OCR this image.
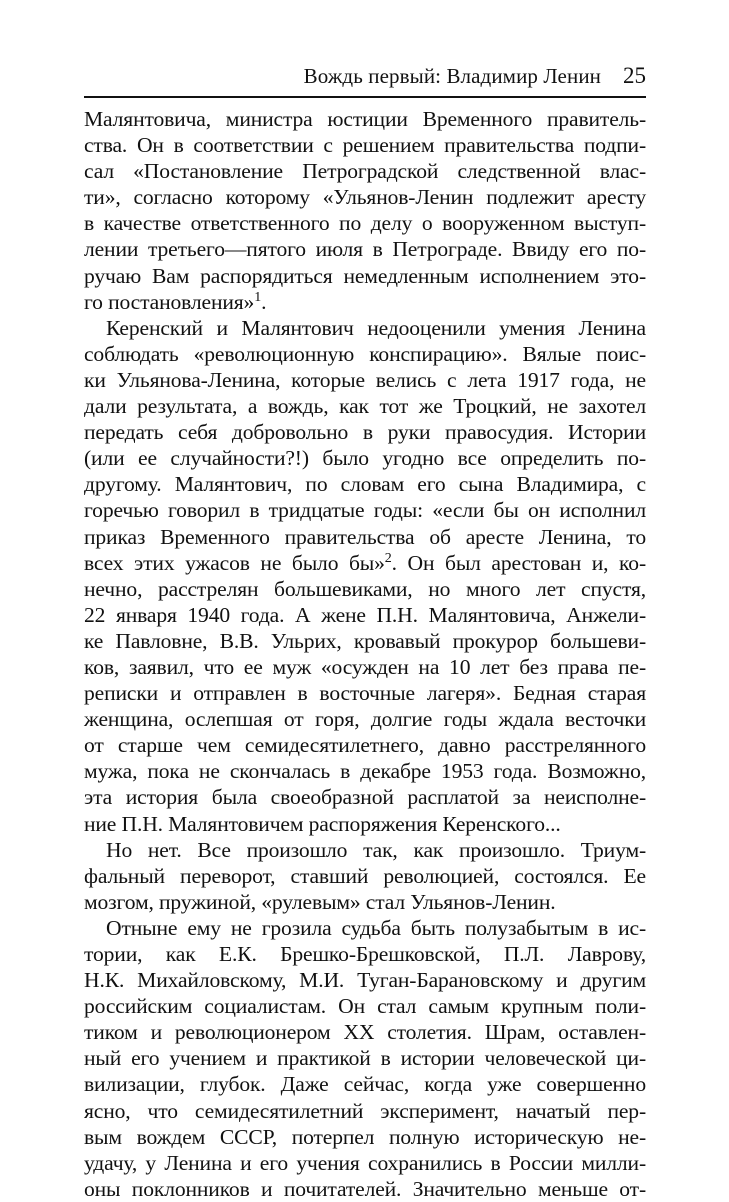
Вождь первый: Владимир Ленин 25
Малянтовича, министра юстиции Временного правитель-
ства. Он в соответствии с решением правительства подпи-
сал «Постановление Петроградской следственной влас-
ти», согласно которому «Ульянов-Ленин подлежит аресту
в качестве ответственного по делу о вооруженном выступ-
лении третьего—пятого июля в Петрограде. Ввиду его по-
ручаю Вам распорядиться немедленным исполнением это-
го постановления»$^1$.
Керенский и Малянтович недооценили умения Ленина
соблюдать «революционную конспирацию». Вялые поис-
ки Ульянова-Ленина, которые велись с лета 1917 года, не
дали результата, а вождь, как тот же Троцкий, не захотел
передать себя добровольно в руки правосудия. Истории
(или ее случайности?!) было угодно все определить по-
другому. Малянтович, по словам его сына Владимира, с
горечью говорил в тридцатые годы: «если бы он исполнил
приказ Временного правительства об аресте Ленина, то
всех этих ужасов не было бы»$^2$. Он был арестован и, ко-
нечно, расстрелян большевиками, но много лет спустя,
22 января 1940 года. А жене П.Н. Малянтовича, Анжели-
ке Павловне, В.В. Ульрих, кровавый прокурор большеви-
ков, заявил, что ее муж «осужден на 10 лет без права пе-
реписки и отправлен в восточные лагеря». Бедная старая
женщина, ослепшая от горя, долгие годы ждала весточки
от старше чем семидесятилетнего, давно расстрелянного
мужа, пока не скончалась в декабре 1953 года. Возможно,
эта история была своеобразной расплатой за неисполне-
ние П.Н. Малянтовичем распоряжения Керенского...
Но нет. Все произошло так, как произошло. Триум-
фальный переворот, ставший революцией, состоялся. Ее
мозгом, пружиной, «рулевым» стал Ульянов-Ленин.
Отныне ему не грозила судьба быть полузабытым в ис-
тории, как Е.К. Брешко-Брешковской, П.Л. Лаврову,
Н.К. Михайловскому, М.И. Туган-Барановскому и другим
российским социалистам. Он стал самым крупным поли-
тиком и революционером XX столетия. Шрам, оставлен-
ный его учением и практикой в истории человеческой ци-
вилизации, глубок. Даже сейчас, когда уже совершенно
ясно, что семидесятилетний эксперимент, начатый пер-
вым вождем СССР, потерпел полную историческую не-
удачу, у Ленина и его учения сохранились в России милли-
оны поклонников и почитателей. Значительно меньше от-
